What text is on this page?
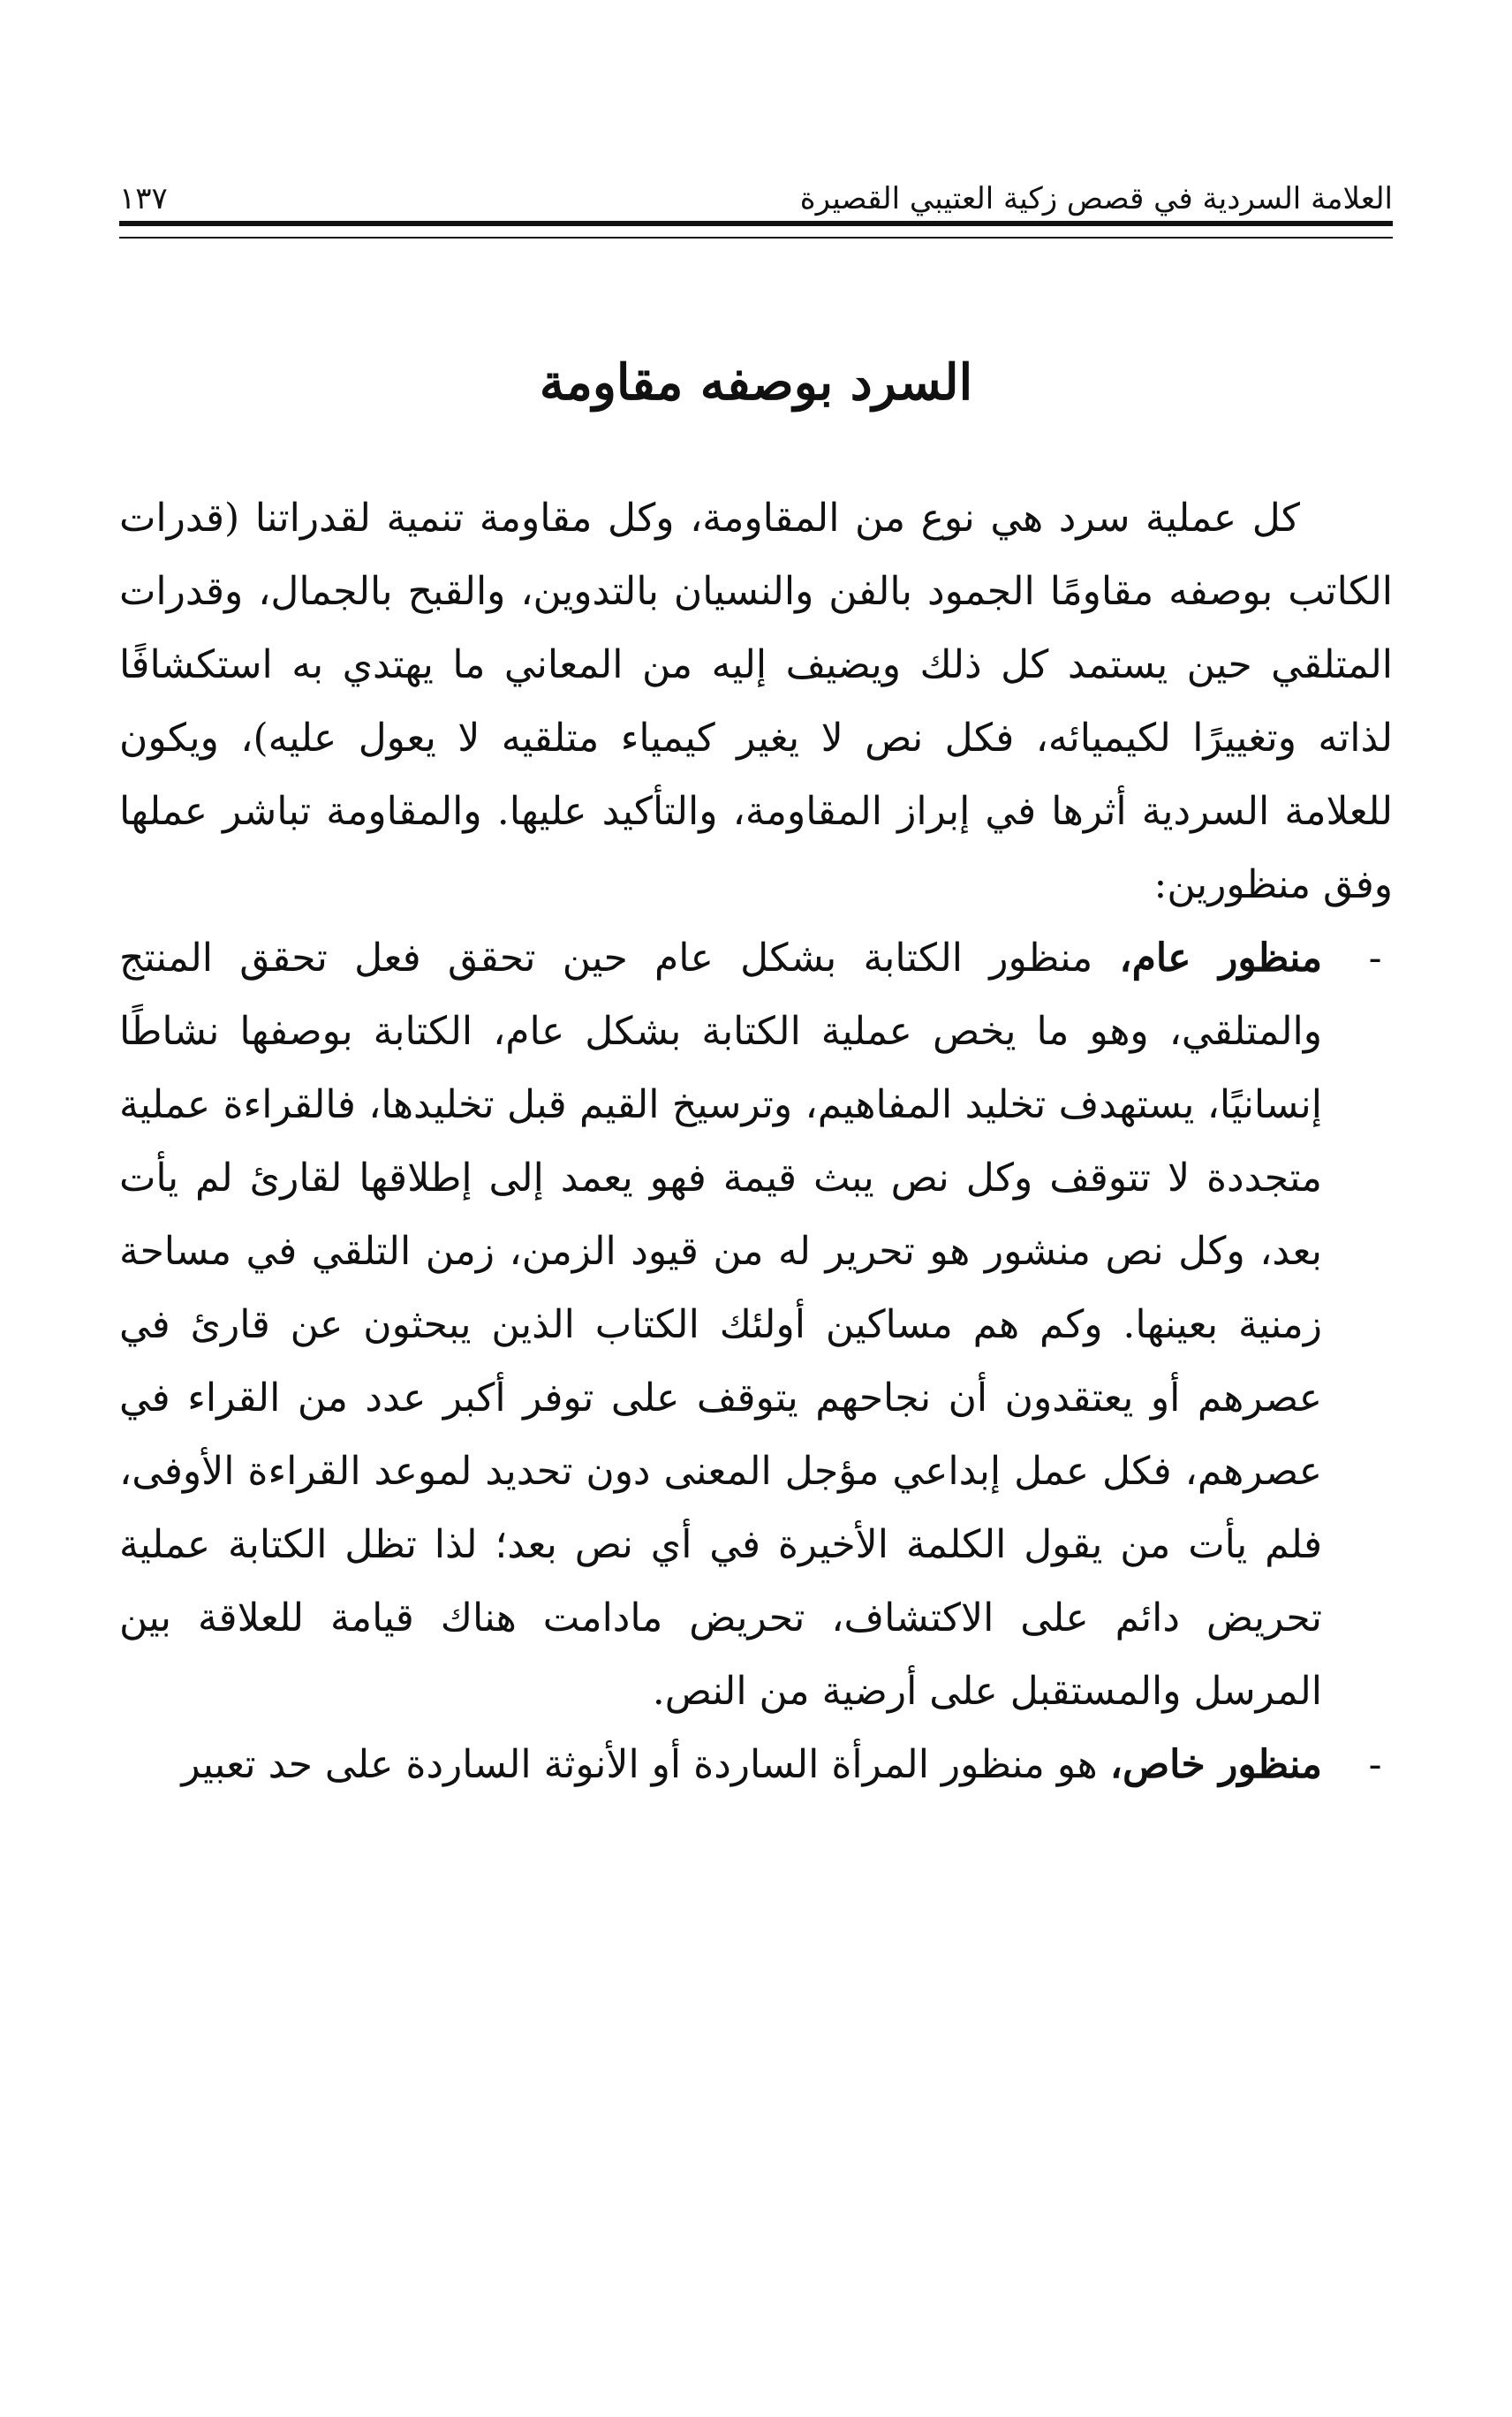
العلامة السردية في قصص زكية العتيبي القصيرة
١٣٧
السرد بوصفه مقاومة

كل عملية سرد هي نوع من المقاومة، وكل مقاومة تنمية لقدراتنا (قدرات الكاتب بوصفه مقاومًا الجمود بالفن والنسيان بالتدوين، والقبح بالجمال، وقدرات المتلقي حين يستمد كل ذلك ويضيف إليه من المعاني ما يهتدي به استكشافًا لذاته وتغييرًا لكيميائه، فكل نص لا يغير كيمياء متلقيه لا يعول عليه)، ويكون للعلامة السردية أثرها في إبراز المقاومة، والتأكيد عليها. والمقاومة تباشر عملها وفق منظورين:

-
منظور عام، منظور الكتابة بشكل عام حين تحقق فعل تحقق المنتج والمتلقي، وهو ما يخص عملية الكتابة بشكل عام، الكتابة بوصفها نشاطًا إنسانيًا، يستهدف تخليد المفاهيم، وترسيخ القيم قبل تخليدها، فالقراءة عملية متجددة لا تتوقف وكل نص يبث قيمة فهو يعمد إلى إطلاقها لقارئ لم يأت بعد، وكل نص منشور هو تحرير له من قيود الزمن، زمن التلقي في مساحة زمنية بعينها. وكم هم مساكين أولئك الكتاب الذين يبحثون عن قارئ في عصرهم أو يعتقدون أن نجاحهم يتوقف على توفر أكبر عدد من القراء في عصرهم، فكل عمل إبداعي مؤجل المعنى دون تحديد لموعد القراءة الأوفى، فلم يأت من يقول الكلمة الأخيرة في أي نص بعد؛ لذا تظل الكتابة عملية تحريض دائم على الاكتشاف، تحريض مادامت هناك قيامة للعلاقة بين المرسل والمستقبل على أرضية من النص.
-
منظور خاص، هو منظور المرأة الساردة أو الأنوثة الساردة على حد تعبير
